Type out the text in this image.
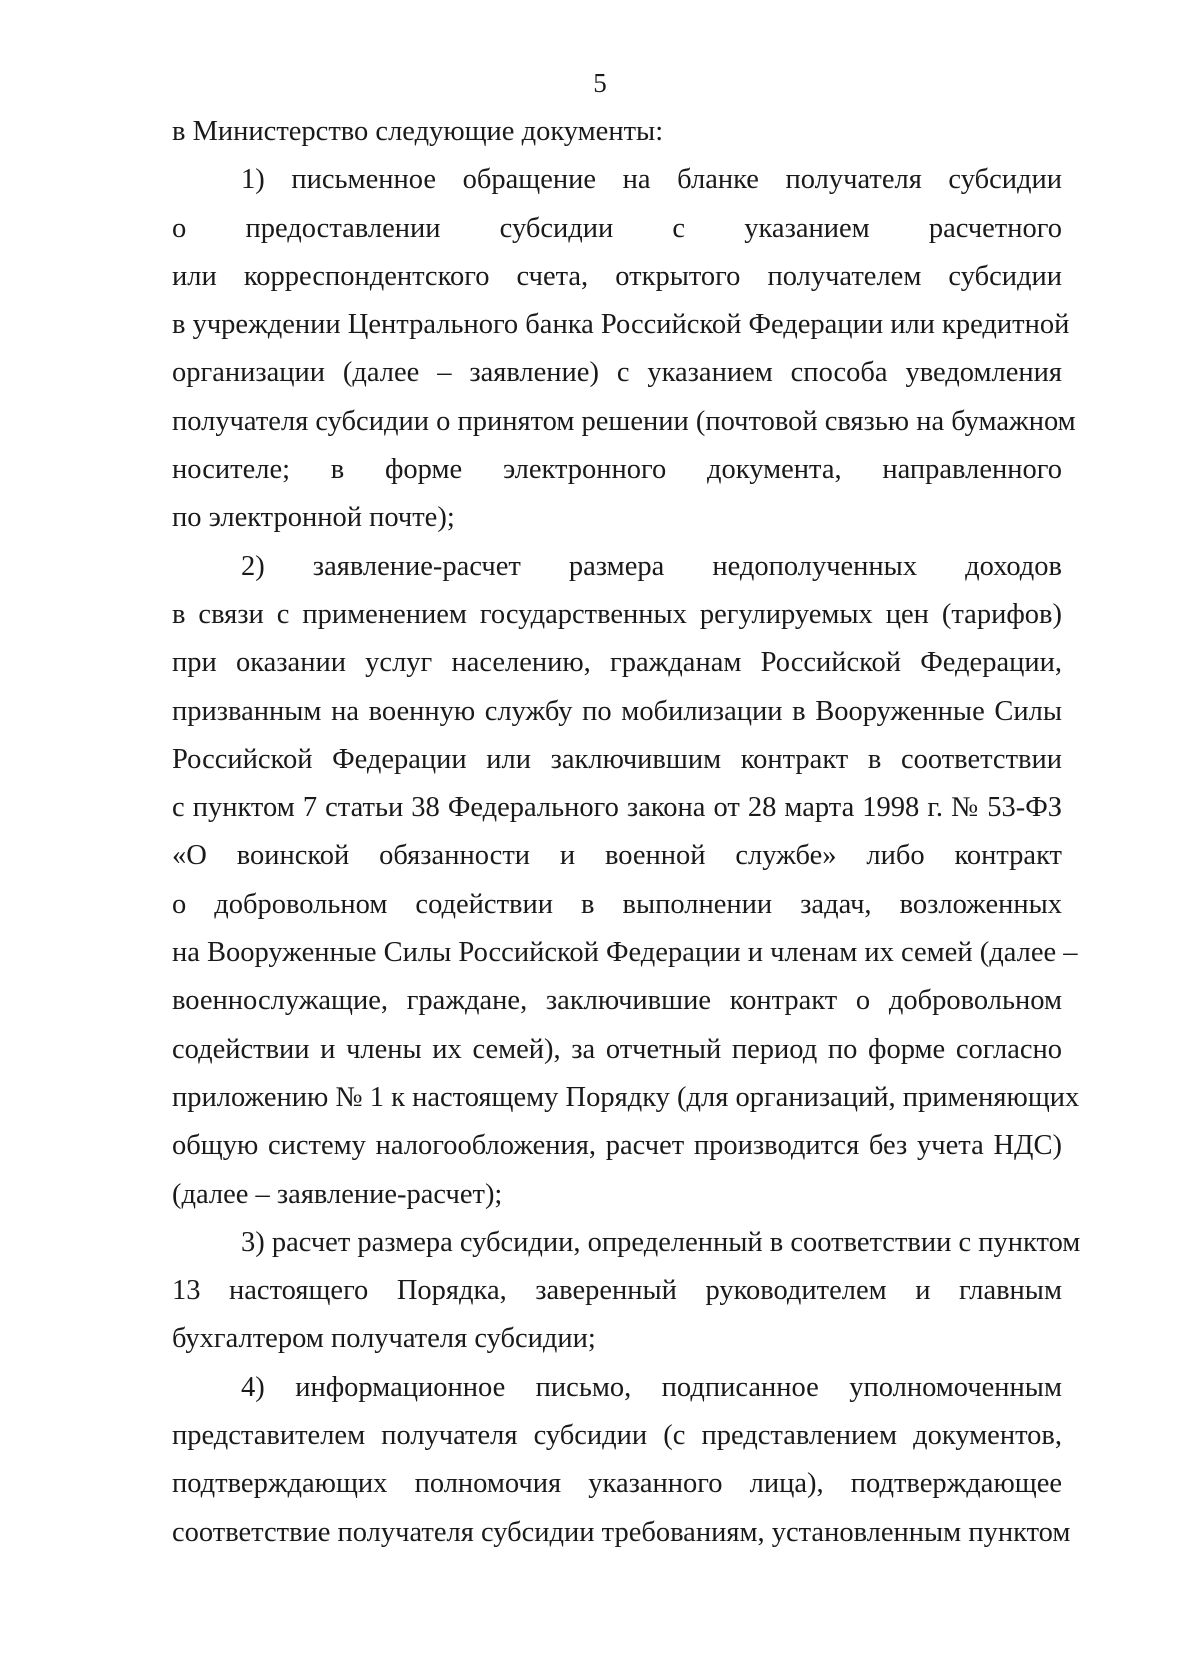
5
в Министерство следующие документы:
1) письменное обращение на бланке получателя субсидии
о предоставлении субсидии с указанием расчетного
или корреспондентского счета, открытого получателем субсидии
в учреждении Центрального банка Российской Федерации или кредитной
организации (далее – заявление) с указанием способа уведомления
получателя субсидии о принятом решении (почтовой связью на бумажном
носителе; в форме электронного документа, направленного
по электронной почте);
2) заявление-расчет размера недополученных доходов
в связи с применением государственных регулируемых цен (тарифов)
при оказании услуг населению, гражданам Российской Федерации,
призванным на военную службу по мобилизации в Вооруженные Силы
Российской Федерации или заключившим контракт в соответствии
с пунктом 7 статьи 38 Федерального закона от 28 марта 1998 г. № 53-ФЗ
«О воинской обязанности и военной службе» либо контракт
о добровольном содействии в выполнении задач, возложенных
на Вооруженные Силы Российской Федерации и членам их семей (далее –
военнослужащие, граждане, заключившие контракт о добровольном
содействии и члены их семей), за отчетный период по форме согласно
приложению № 1 к настоящему Порядку (для организаций, применяющих
общую систему налогообложения, расчет производится без учета НДС)
(далее – заявление-расчет);
3) расчет размера субсидии, определенный в соответствии с пунктом
13 настоящего Порядка, заверенный руководителем и главным
бухгалтером получателя субсидии;
4) информационное письмо, подписанное уполномоченным
представителем получателя субсидии (с представлением документов,
подтверждающих полномочия указанного лица), подтверждающее
соответствие получателя субсидии требованиям, установленным пунктом
